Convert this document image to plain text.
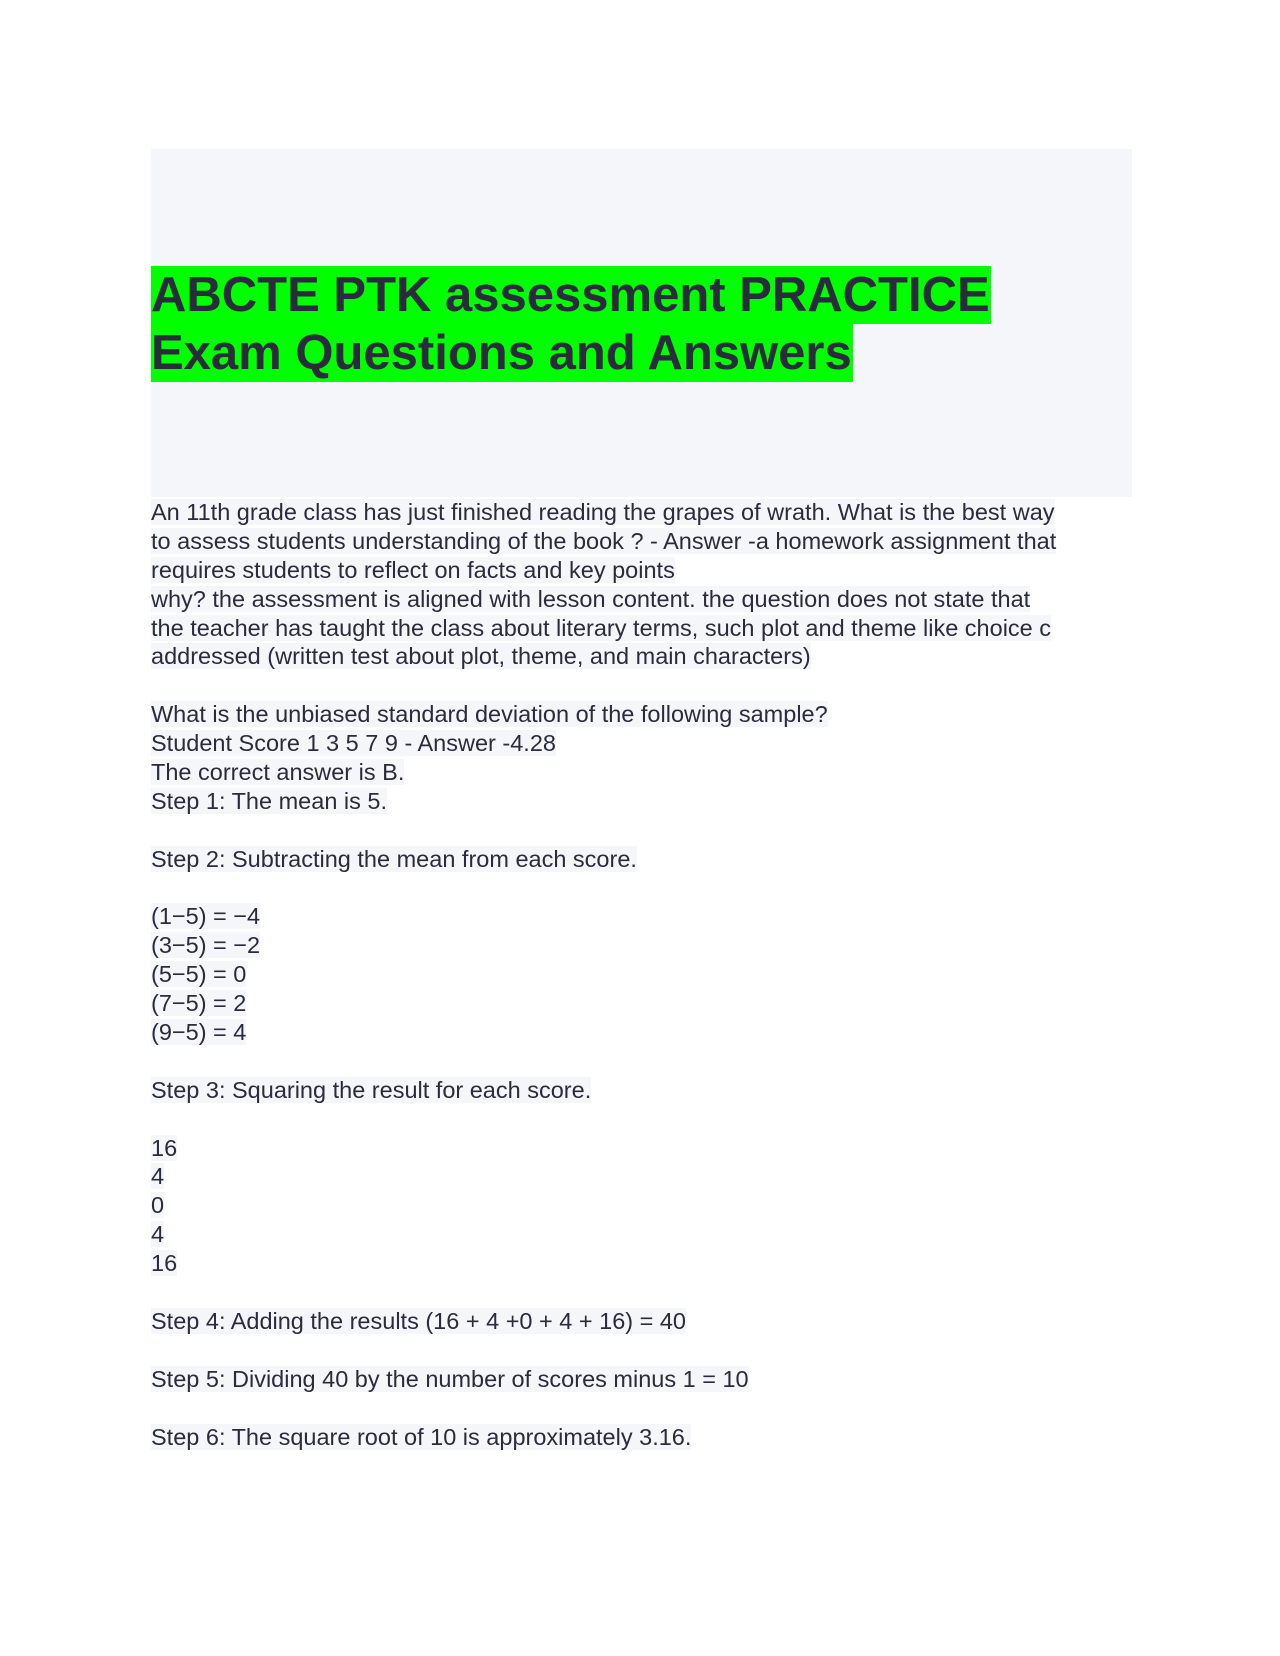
ABCTE PTK assessment PRACTICE
Exam Questions and Answers
An 11th grade class has just finished reading the grapes of wrath. What is the best way
to assess students understanding of the book ? - Answer -a homework assignment that
requires students to reflect on facts and key points
why? the assessment is aligned with lesson content. the question does not state that
the teacher has taught the class about literary terms, such plot and theme like choice c
addressed (written test about plot, theme, and main characters)
What is the unbiased standard deviation of the following sample?
Student Score 1 3 5 7 9 - Answer -4.28
The correct answer is B.
Step 1: The mean is 5.
Step 2: Subtracting the mean from each score.
(1−5) = −4
(3−5) = −2
(5−5) = 0
(7−5) = 2
(9−5) = 4
Step 3: Squaring the result for each score.
16
4
0
4
16
Step 4: Adding the results (16 + 4 +0 + 4 + 16) = 40
Step 5: Dividing 40 by the number of scores minus 1 = 10
Step 6: The square root of 10 is approximately 3.16.
